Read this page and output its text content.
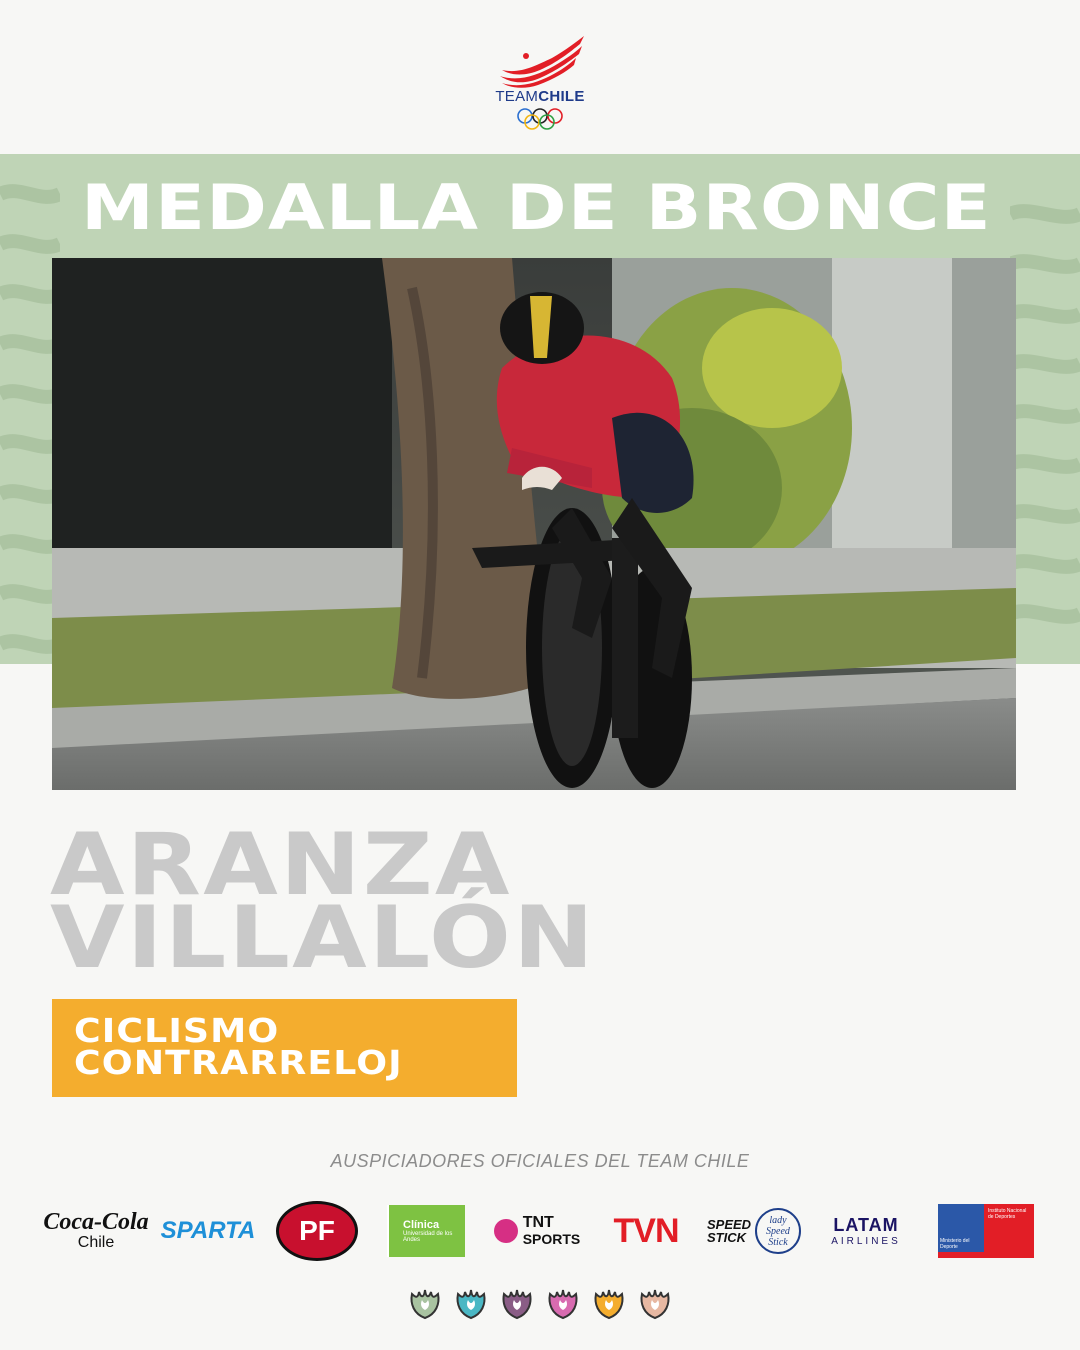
TEAMCHILE
MEDALLA DE BRONCE
ARANZA
VILLALÓN
CICLISMO
CONTRARRELOJ
AUSPICIADORES OFICIALES DEL TEAM CHILE
Coca-Cola
Chile SPARTA PF	Clínica
Universidad de los Andes
TNT
SPORTS TVN SPEED STICK
lady Speed Stick
LATAM
AIRLINES	Ministerio del Deporte
Instituto Nacional de Deportes
